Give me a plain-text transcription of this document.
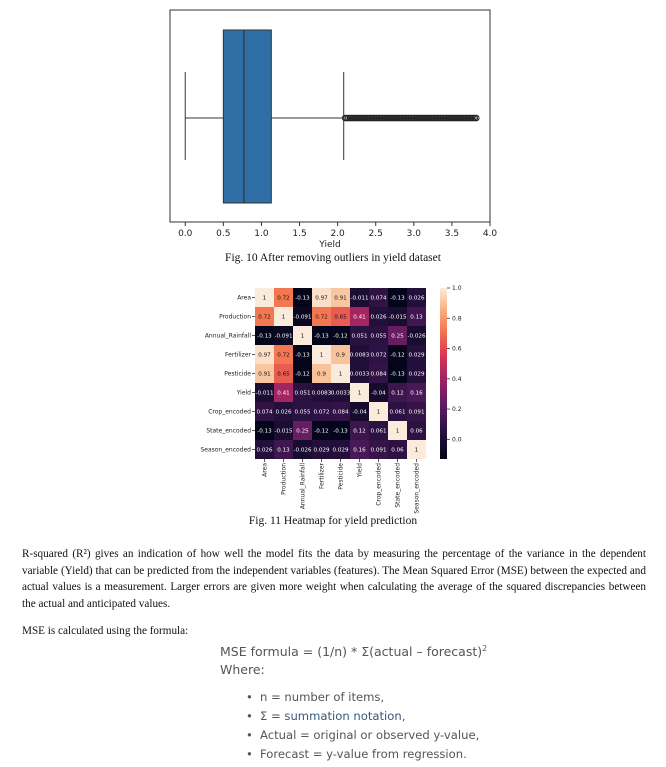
0.0	0.5	1.0	1.5	2.0	2.5	3.0	3.5	4.0
Yield
Fig. 10 After removing outliers in yield dataset
1 0.72 -0.13 0.97 0.91 -0.011 0.074 -0.13 0.026
Area
Area
0.72 1 -0.091 0.72 0.65 0.41 0.026 -0.015 0.13
Production
Production
-0.13 -0.091 1 -0.13 -0.12 0.051 0.055 0.25 -0.026
Annual_Rainfall
Annual_Rainfall
0.97 0.72 -0.13 1 0.9 0.0083 0.072 -0.12 0.029
Fertilizer
Fertilizer
0.91 0.65 -0.12 0.9 1 0.0033 0.084 -0.13 0.029
Pesticide
Pesticide
-0.011 0.41 0.051 0.0083 0.0033 1 -0.04 0.12 0.16
Yield
Yield
0.074 0.026 0.055 0.072 0.084 -0.04 1 0.061 0.091
Crop_encoded
Crop_encoded
-0.13 -0.015 0.25 -0.12 -0.13 0.12 0.061 1 0.06
State_encoded
State_encoded
0.026 0.13 -0.026 0.029 0.029 0.16 0.091 0.06 1
Season_encoded
Season_encoded
1.0
0.8
0.6
0.4
0.2
0.0
Fig. 11 Heatmap for yield prediction
R-squared (R²) gives an indication of how well the model fits the data by measuring the percentage of the variance in the dependent variable (Yield) that can be predicted from the independent variables (features). The Mean Squared Error (MSE) between the expected and actual values is a measurement. Larger errors are given more weight when calculating the average of the squared discrepancies between the actual and anticipated values.
MSE is calculated using the formula:
MSE formula = (1/n) * Σ(actual – forecast)$^2$
Where:
• n = number of items,
• Σ = summation notation,
• Actual = original or observed y-value,
• Forecast = y-value from regression.
